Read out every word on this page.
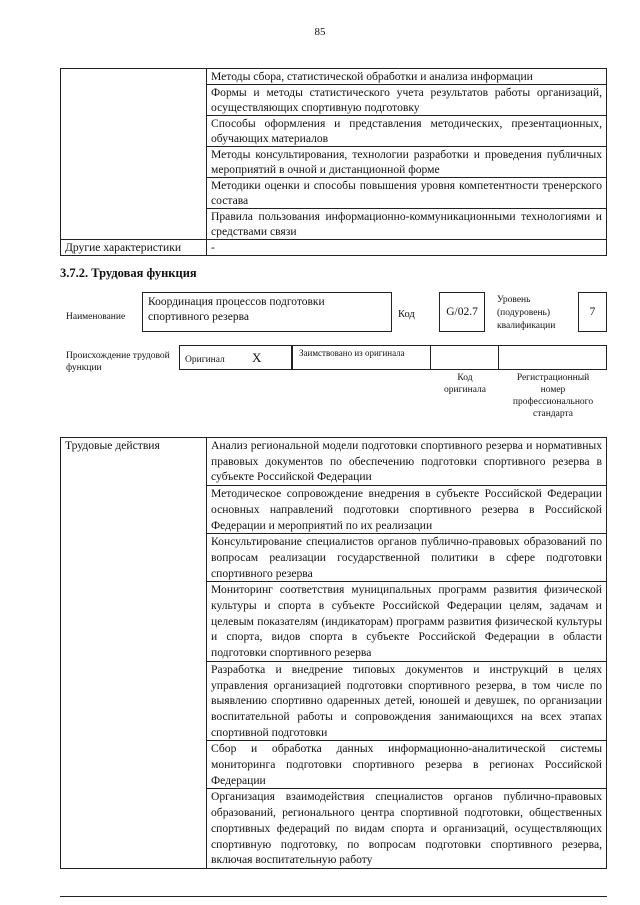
85
	Методы сбора, статистической обработки и анализа информации
	Формы и методы статистического учета результатов работы организаций, осуществляющих спортивную подготовку
	Способы оформления и представления методических, презентационных, обучающих материалов
	Методы консультирования, технологии разработки и проведения публичных мероприятий в очной и дистанционной форме
	Методики оценки и способы повышения уровня компетентности тренерского состава
	Правила пользования информационно-коммуникационными технологиями и средствами связи
Другие характеристики	-
3.7.2. Трудовая функция
Наименование
Координация процессов подготовки спортивного резерва	Код	G/02.7
Уровень (подуровень) квалификации
7
Происхождение трудовой функции
Оригинал X	Заимствовано из оригинала
Код оригинала
Регистрационный номер профессионального стандарта
Трудовые действия	Анализ региональной модели подготовки спортивного резерва и нормативных правовых документов по обеспечению подготовки спортивного резерва в субъекте Российской Федерации
Методическое сопровождение внедрения в субъекте Российской Федерации основных направлений подготовки спортивного резерва в Российской Федерации и мероприятий по их реализации
Консультирование специалистов органов публично-правовых образований по вопросам реализации государственной политики в сфере подготовки спортивного резерва
Мониторинг соответствия муниципальных программ развития физической культуры и спорта в субъекте Российской Федерации целям, задачам и целевым показателям (индикаторам) программ развития физической культуры и спорта, видов спорта в субъекте Российской Федерации в области подготовки спортивного резерва
Разработка и внедрение типовых документов и инструкций в целях управления организацией подготовки спортивного резерва, в том числе по выявлению спортивно одаренных детей, юношей и девушек, по организации воспитательной работы и сопровождения занимающихся на всех этапах спортивной подготовки
Сбор и обработка данных информационно-аналитической системы мониторинга подготовки спортивного резерва в регионах Российской Федерации
Организация взаимодействия специалистов органов публично-правовых образований, регионального центра спортивной подготовки, общественных спортивных федераций по видам спорта и организаций, осуществляющих спортивную подготовку, по вопросам подготовки спортивного резерва, включая воспитательную работу
